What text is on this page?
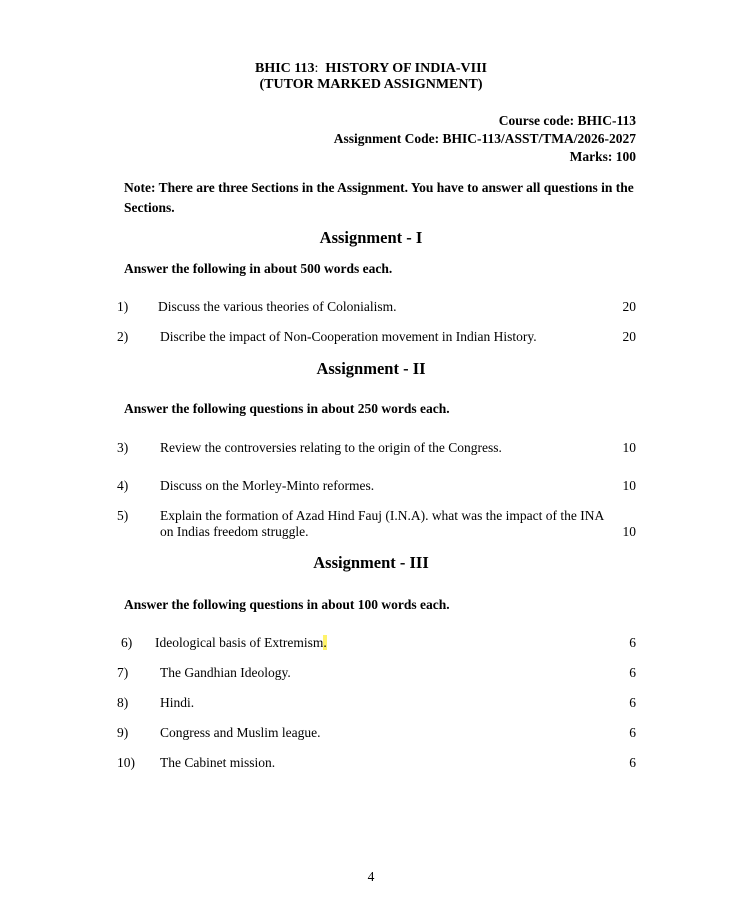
BHIC 113:  HISTORY OF INDIA-VIII
(TUTOR MARKED ASSIGNMENT)
Course code: BHIC-113
Assignment Code: BHIC-113/ASST/TMA/2026-2027
Marks: 100
Note: There are three Sections in the Assignment. You have to answer all questions in the Sections.
Assignment - I
Answer the following in about 500 words each.
1) Discuss the various theories of Colonialism.	20
2) Discribe the impact of Non-Cooperation movement in Indian History.	20
Assignment - II
Answer the following questions in about 250 words each.
3) Review the controversies relating to the origin of the Congress.	10
4) Discuss on the Morley-Minto reformes.	10
5) Explain the formation of Azad Hind Fauj (I.N.A). what was the impact of the INA
on Indias freedom struggle.	10
Assignment - III
Answer the following questions in about 100 words each.
6) Ideological basis of Extremism.	6
7) The Gandhian Ideology.	6
8) Hindi.	6
9) Congress and Muslim league.	6
10) The Cabinet mission.	6
4
